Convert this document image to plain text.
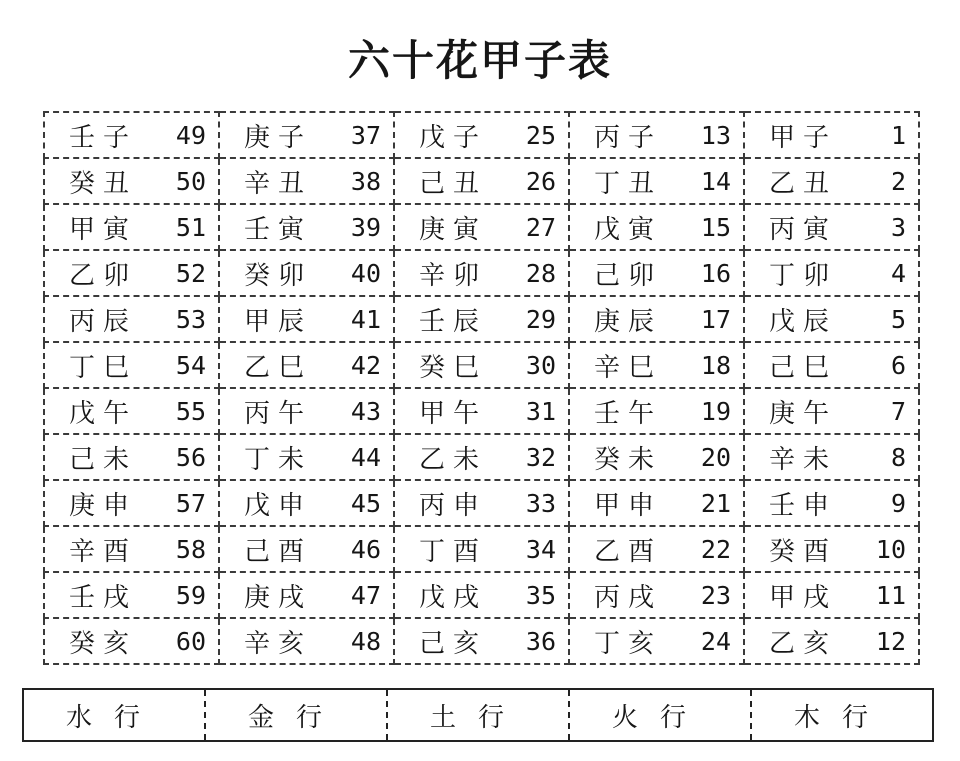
六十花甲子表
壬子 49	庚子 37	戊子 25	丙子 13	甲子 1

癸丑 50	辛丑 38	己丑 26	丁丑 14	乙丑 2

甲寅 51	壬寅 39	庚寅 27	戊寅 15	丙寅 3

乙卯 52	癸卯 40	辛卯 28	己卯 16	丁卯 4

丙辰 53	甲辰 41	壬辰 29	庚辰 17	戊辰 5

丁巳 54	乙巳 42	癸巳 30	辛巳 18	己巳 6

戊午 55	丙午 43	甲午 31	壬午 19	庚午 7

己未 56	丁未 44	乙未 32	癸未 20	辛未 8

庚申 57	戊申 45	丙申 33	甲申 21	壬申 9

辛酉 58	己酉 46	丁酉 34	乙酉 22	癸酉 10

壬戌 59	庚戌 47	戊戌 35	丙戌 23	甲戌 11

癸亥 60	辛亥 48	己亥 36	丁亥 24	乙亥 12
水行	金行	土行	火行	木行
